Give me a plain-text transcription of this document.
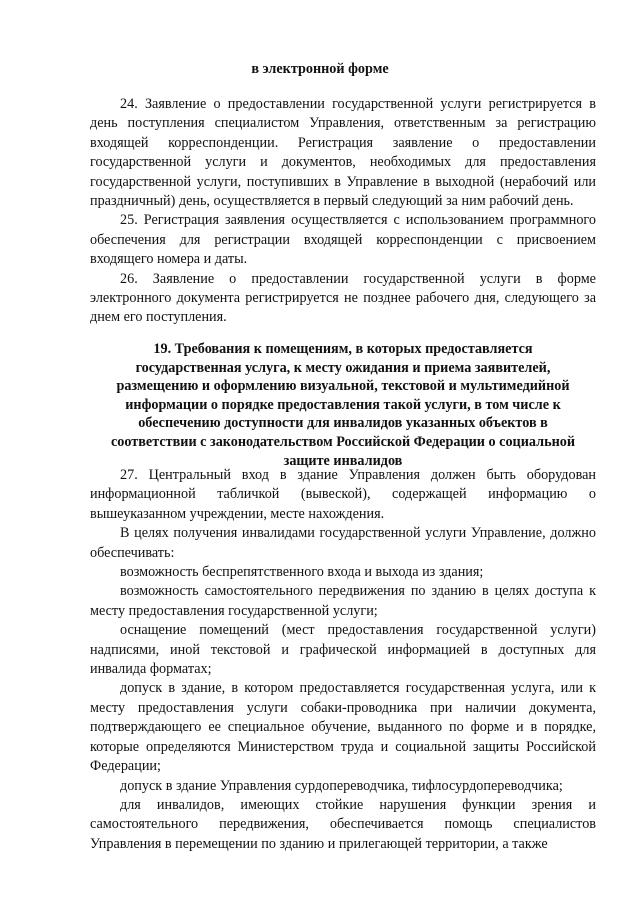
в электронной форме

24. Заявление о предоставлении государственной услуги регистрируется в день поступления специалистом Управления, ответственным за регистрацию входящей корреспонденции. Регистрация заявление о предоставлении государственной услуги и документов, необходимых для предоставления государственной услуги, поступивших в Управление в выходной (нерабочий или праздничный) день, осуществляется в первый следующий за ним рабочий день.

25. Регистрация заявления осуществляется с использованием программного обеспечения для регистрации входящей корреспонденции с присвоением входящего номера и даты.

26. Заявление о предоставлении государственной услуги в форме электронного документа регистрируется не позднее рабочего дня, следующего за днем его поступления.

19. Требования к помещениям, в которых предоставляется государственная услуга, к месту ожидания и приема заявителей, размещению и оформлению визуальной, текстовой и мультимедийной информации о порядке предоставления такой услуги, в том числе к обеспечению доступности для инвалидов указанных объектов в соответствии с законодательством Российской Федерации о социальной защите инвалидов

27. Центральный вход в здание Управления должен быть оборудован информационной табличкой (вывеской), содержащей информацию о вышеуказанном учреждении, месте нахождения.

В целях получения инвалидами государственной услуги Управление, должно обеспечивать:

возможность беспрепятственного входа и выхода из здания;

возможность самостоятельного передвижения по зданию в целях доступа к месту предоставления государственной услуги;

оснащение помещений (мест предоставления государственной услуги) надписями, иной текстовой и графической информацией в доступных для инвалида форматах;

допуск в здание, в котором предоставляется государственная услуга, или к месту предоставления услуги собаки-проводника при наличии документа, подтверждающего ее специальное обучение, выданного по форме и в порядке, которые определяются Министерством труда и социальной защиты Российской Федерации;

допуск в здание Управления сурдопереводчика, тифлосурдопереводчика;

для инвалидов, имеющих стойкие нарушения функции зрения и самостоятельного передвижения, обеспечивается помощь специалистов Управления в перемещении по зданию и прилегающей территории, а также
